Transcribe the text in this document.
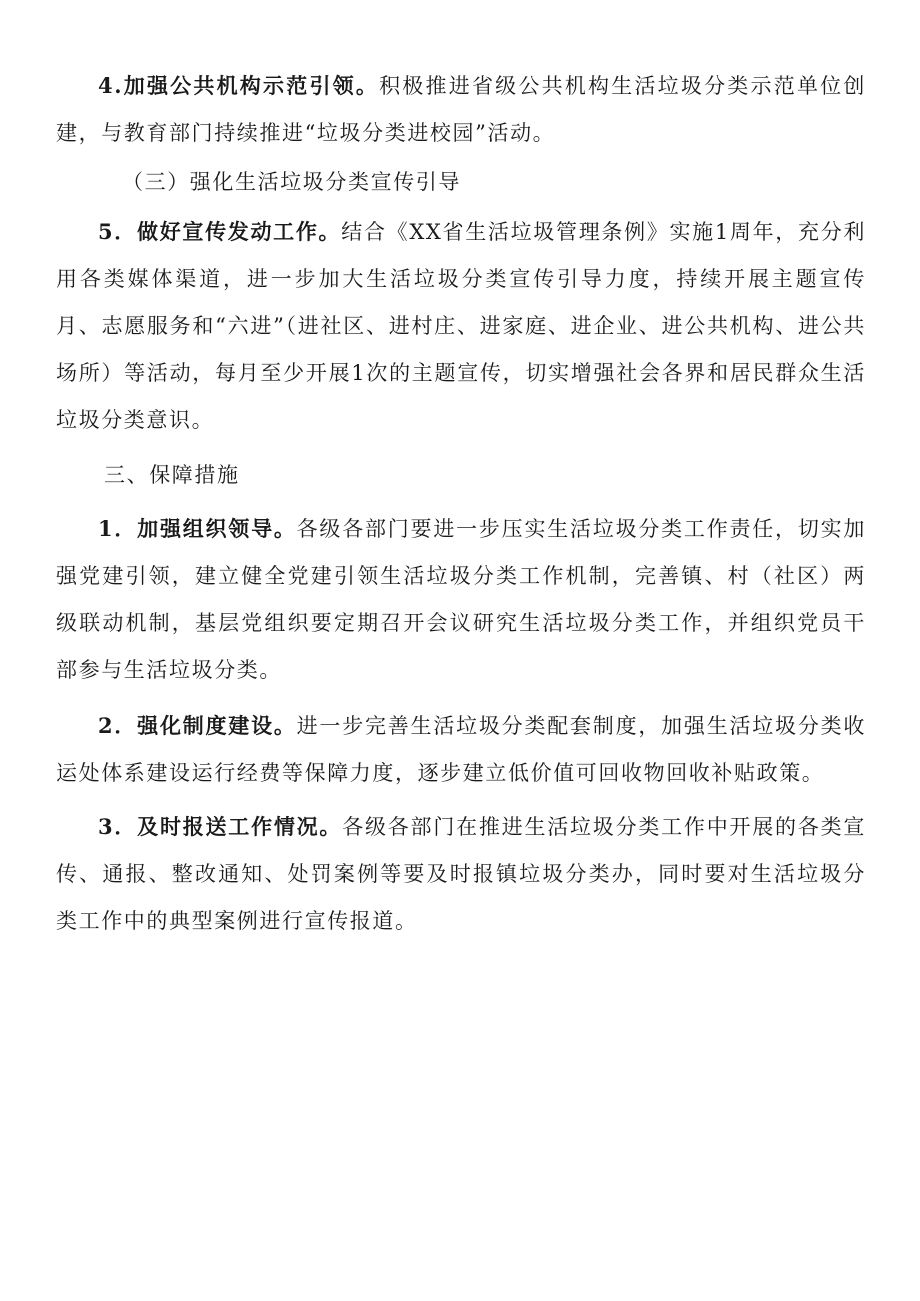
4.加强公共机构示范引领。积极推进省级公共机构生活垃圾分类示范单位创建，与教育部门持续推进“垃圾分类进校园”活动。

（三）强化生活垃圾分类宣传引导

5．做好宣传发动工作。结合《XX省生活垃圾管理条例》实施1周年，充分利用各类媒体渠道，进一步加大生活垃圾分类宣传引导力度，持续开展主题宣传月、志愿服务和“六进”（进社区、进村庄、进家庭、进企业、进公共机构、进公共场所）等活动，每月至少开展1次的主题宣传，切实增强社会各界和居民群众生活垃圾分类意识。

三、保障措施

1．加强组织领导。各级各部门要进一步压实生活垃圾分类工作责任，切实加强党建引领，建立健全党建引领生活垃圾分类工作机制，完善镇、村（社区）两级联动机制，基层党组织要定期召开会议研究生活垃圾分类工作，并组织党员干部参与生活垃圾分类。

2．强化制度建设。进一步完善生活垃圾分类配套制度，加强生活垃圾分类收运处体系建设运行经费等保障力度，逐步建立低价值可回收物回收补贴政策。

3．及时报送工作情况。各级各部门在推进生活垃圾分类工作中开展的各类宣传、通报、整改通知、处罚案例等要及时报镇垃圾分类办，同时要对生活垃圾分类工作中的典型案例进行宣传报道。
